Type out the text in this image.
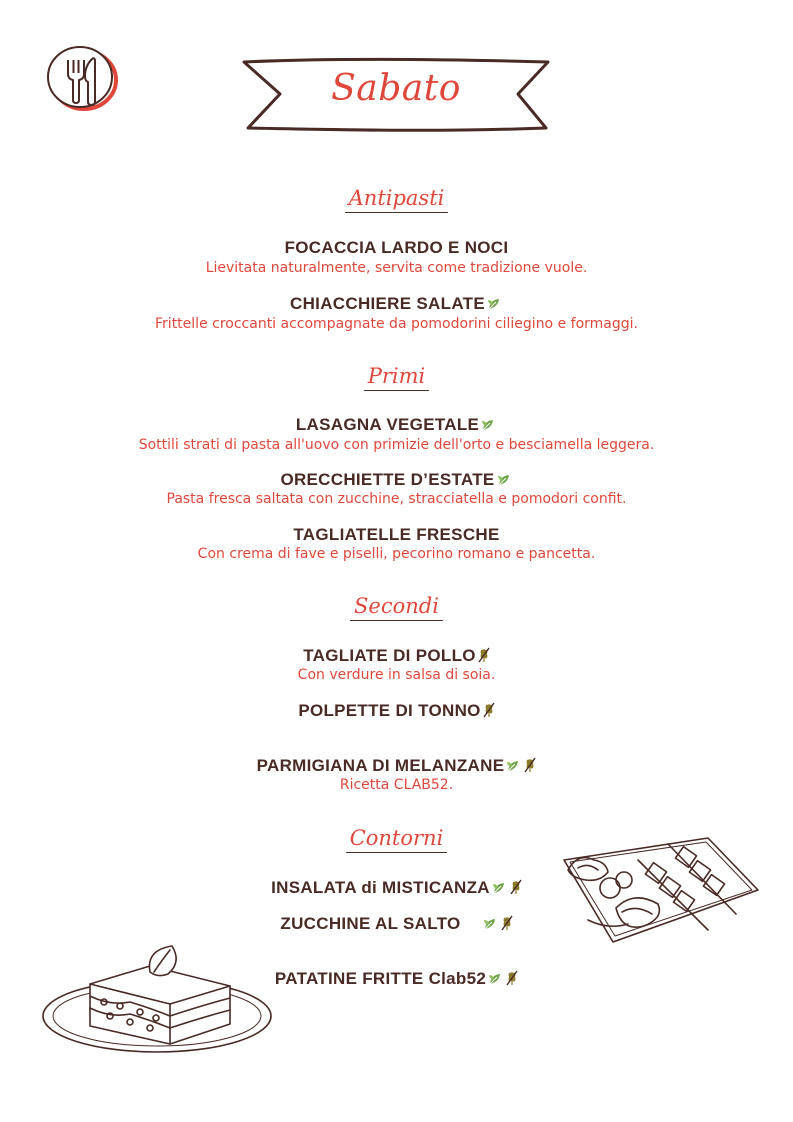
Sabato
Antipasti
FOCACCIA LARDO E NOCI
Lievitata naturalmente, servita come tradizione vuole.
CHIACCHIERE SALATE
Frittelle croccanti accompagnate da pomodorini ciliegino e formaggi.
Primi
LASAGNA VEGETALE
Sottili strati di pasta all'uovo con primizie dell'orto e besciamella leggera.
ORECCHIETTE D’ESTATE
Pasta fresca saltata con zucchine, stracciatella e pomodori confit.
TAGLIATELLE FRESCHE
Con crema di fave e piselli, pecorino romano e pancetta.
Secondi
TAGLIATE DI POLLO
Con verdure in salsa di soia.
POLPETTE DI TONNO
PARMIGIANA DI MELANZANE
Ricetta CLAB52.
Contorni
INSALATA di MISTICANZA
ZUCCHINE AL SALTO
PATATINE FRITTE Clab52
